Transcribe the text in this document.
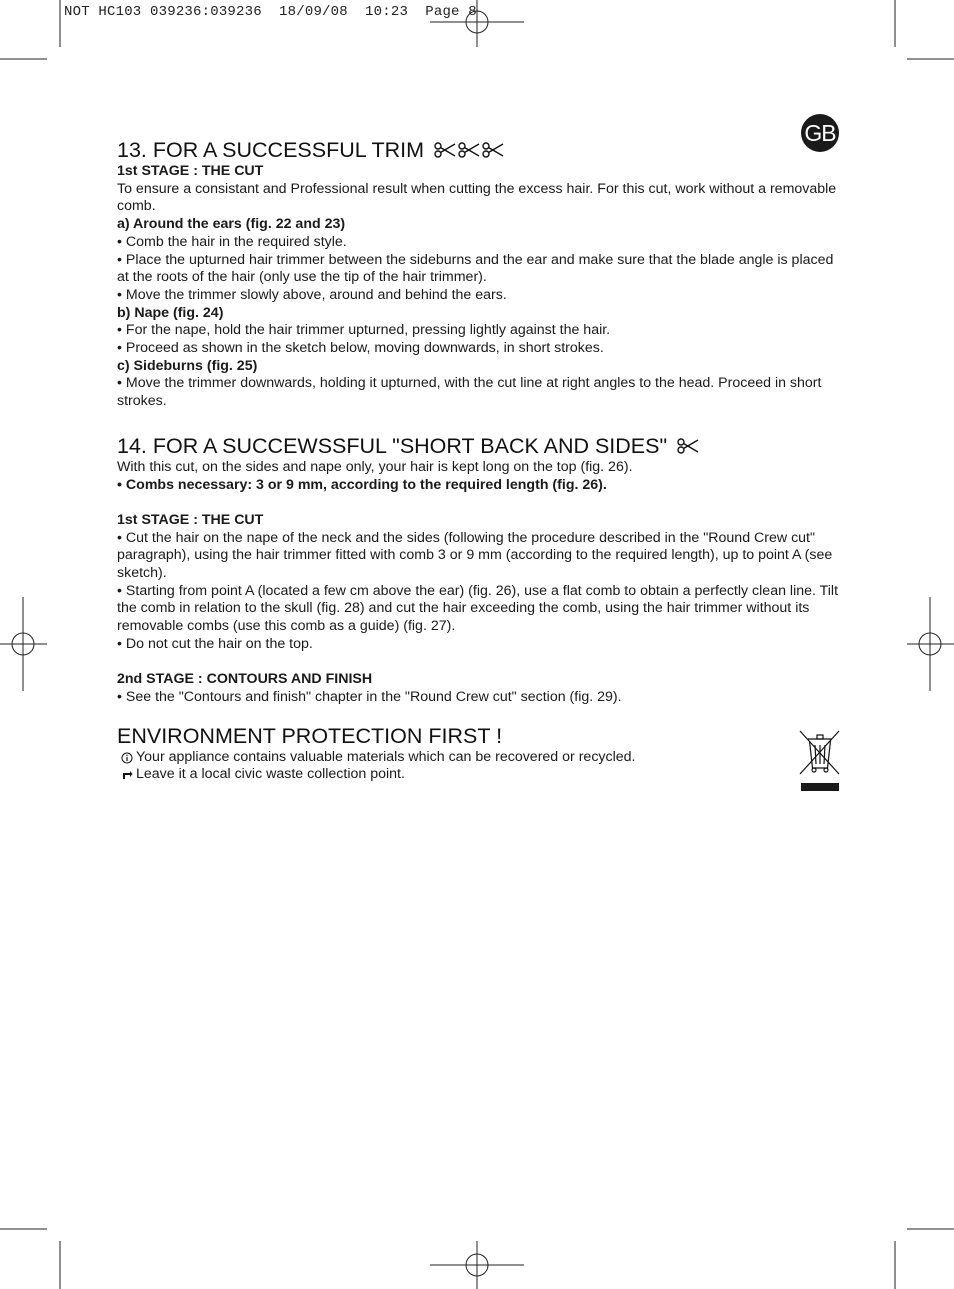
NOT HC103 039236:039236  18/09/08  10:23  Page 8
GB
13. FOR A SUCCESSFUL TRIM

1st STAGE : THE CUT

To ensure a consistant and Professional result when cutting the excess hair. For this cut, work without a removable comb.

a) Around the ears (fig. 22 and 23)

• Comb the hair in the required style.

• Place the upturned hair trimmer between the sideburns and the ear and make sure that the blade angle is placed at the roots of the hair (only use the tip of the hair trimmer).

• Move the trimmer slowly above, around and behind the ears.

b) Nape (fig. 24)

• For the nape, hold the hair trimmer upturned, pressing lightly against the hair.

• Proceed as shown in the sketch below, moving downwards, in short strokes.

c) Sideburns (fig. 25)

• Move the trimmer downwards, holding it upturned, with the cut line at right angles to the head. Proceed in short strokes.

14. FOR A SUCCEWSSFUL "SHORT BACK AND SIDES"

With this cut, on the sides and nape only, your hair is kept long on the top (fig. 26).

• Combs necessary: 3 or 9 mm, according to the required length (fig. 26).

1st STAGE : THE CUT

• Cut the hair on the nape of the neck and the sides (following the procedure described in the "Round Crew cut" paragraph), using the hair trimmer fitted with comb 3 or 9 mm (according to the required length), up to point A (see sketch).

• Starting from point A (located a few cm above the ear) (fig. 26), use a flat comb to obtain a perfectly clean line. Tilt the comb in relation to the skull (fig. 28) and cut the hair exceeding the comb, using the hair trimmer without its removable combs (use this comb as a guide) (fig. 27).

• Do not cut the hair on the top.

2nd STAGE : CONTOURS AND FINISH

• See the "Contours and finish" chapter in the "Round Crew cut" section (fig. 29).

ENVIRONMENT PROTECTION FIRST !

Your appliance contains valuable materials which can be recovered or recycled.

Leave it a local civic waste collection point.
